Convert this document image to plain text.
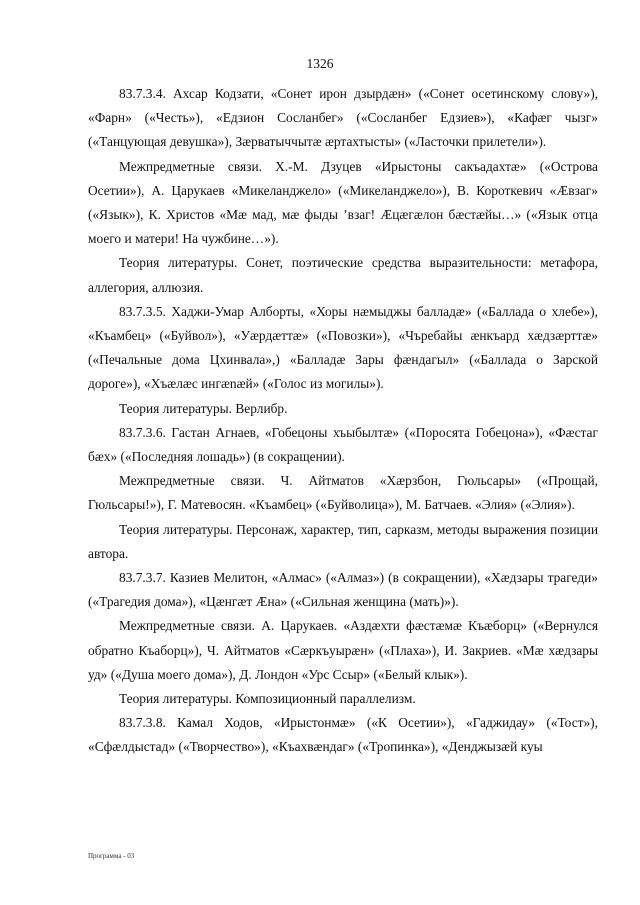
1326

83.7.3.4. Ахсар Кодзати, «Сонет ирон дзырдæн» («Сонет осетинскому слову»), «Фарн» («Честь»), «Едзион Сосланбег» («Сосланбег Едзиев»), «Кафæг чызг» («Танцующая девушка»), Зæрватыччытæ æртахтысты» («Ласточки прилетели»).

Межпредметные связи. Х.-М. Дзуцев «Ирыстоны сакъадахтæ» («Острова Осетии»), А. Царукаев «Микеланджело» («Микеланджело»), В. Короткевич «Æвзаг» («Язык»), К. Христов «Мæ мад, мæ фыды ’взаг! Æцæгæлон бæстæйы…» («Язык отца моего и матери! На чужбине…»).

Теория литературы. Сонет, поэтические средства выразительности: метафора, аллегория, аллюзия.

83.7.3.5. Хаджи-Умар Алборты, «Хоры нæмыджы балладæ» («Баллада о хлебе»), «Къамбец» («Буйвол»), «Уæрдæттæ» («Повозки»), «Чъребайы æнкъард хæдзæрттæ» («Печальные дома Цхинвала»,) «Балладæ Зары фæндагыл» («Баллада о Зарской дороге»), «Хъæлæс ингænæй» («Голос из могилы»).

Теория литературы. Верлибр.

83.7.3.6. Гастан Агнаев, «Гобецоны хъыбылтæ» («Поросята Гобецона»), «Фæстаг бæх» («Последняя лошадь») (в сокращении).

Межпредметные связи. Ч. Айтматов «Хæрзбон, Гюльсары» («Прощай, Гюльсары!»), Г. Матевосян. «Къамбец» («Буйволица»), М. Батчаев. «Элия» («Элия»).

Теория литературы. Персонаж, характер, тип, сарказм, методы выражения позиции автора.

83.7.3.7. Казиев Мелитон, «Алмас» («Алмаз») (в сокращении), «Хæдзары трагеди» («Трагедия дома»), «Цæнгæт Æна» («Сильная женщина (мать)»).

Межпредметные связи. А. Царукаев. «Аздæхти фæстæмæ Къæборц» («Вернулся обратно Къаборц»), Ч. Айтматов «Сæркъуырæн» («Плаха»), И. Закриев. «Мæ хæдзары уд» («Душа моего дома»), Д. Лондон «Урс Ссыр» («Белый клык»).

Теория литературы. Композиционный параллелизм.

83.7.3.8. Камал Ходов, «Ирыстонмæ» («К Осетии»), «Гаджидау» («Тост»), «Сфæлдыстад» («Творчество»), «Къахвæндаг» («Тропинка»), «Денджызæй куы

Программа - 03
